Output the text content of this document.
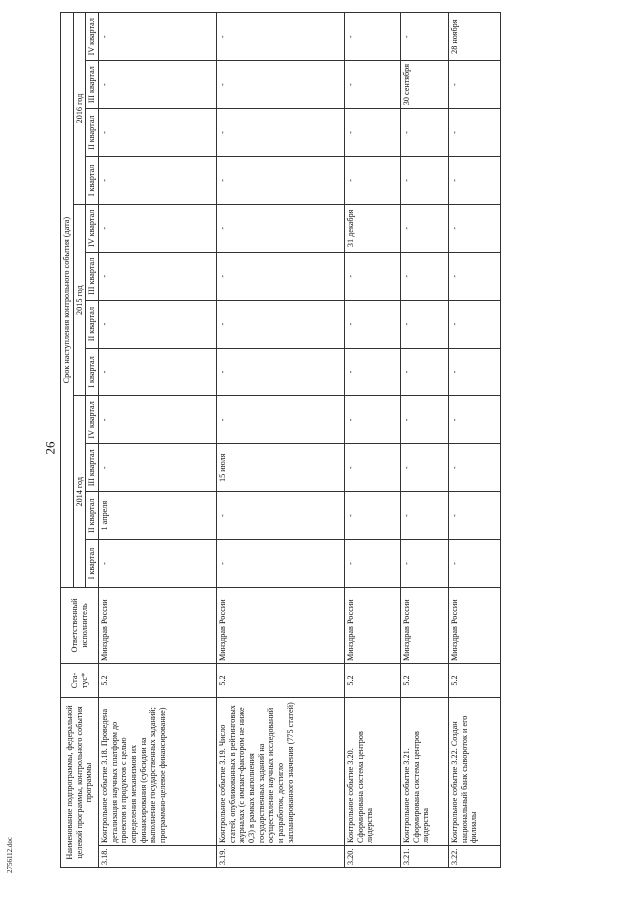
26
Наименование подпрограммы, федеральной целевой программы, контрольного события программы		Ста-тус*	Ответственный исполнитель	Срок наступления контрольного события (дата)											
				2014 год				2015 год				2016 год			
				I квартал	II квартал	III квартал	IV квартал	I квартал	II квартал	III квартал	IV квартал	I квартал	II квартал	III квартал	IV квартал
3.18.	Контрольное событие 3.18. Проведена детализация научных платформ до проектов и продуктов с целью определения механизмов их финансирования (субсидии на выполнение государственных заданий; программно-целевое финансирование)	5.2	Минздрав России	-	1 апреля	-	-	-	-	-	-	-	-	-	-
3.19.	Контрольное событие 3.19. Число статей, опубликованных в рейтинговых журналах (с импакт-фактором не ниже 0,3) в рамках выполнения государственных заданий на осуществление научных исследований и разработок, достигло запланированного значения (775 статей)	5.2	Минздрав России	-	-	15 июля	-	-	-	-	-	-	-	-	-
3.20.	Контрольное событие 3.20. Сформирована система центров лидерства	5.2	Минздрав России	-	-	-	-	-	-	-	31 декабря	-	-	-	-
3.21.	Контрольное событие 3.21. Сформирована система центров лидерства	5.2	Минздрав России	-	-	-	-	-	-	-	-	-	-	30 сентября	-
3.22.	Контрольное событие 3.22. Создан национальный банк сывороток и его филиалы	5.2	Минздрав России	-	-	-	-	-	-	-	-	-	-	-	28 ноября
2756112.doc
